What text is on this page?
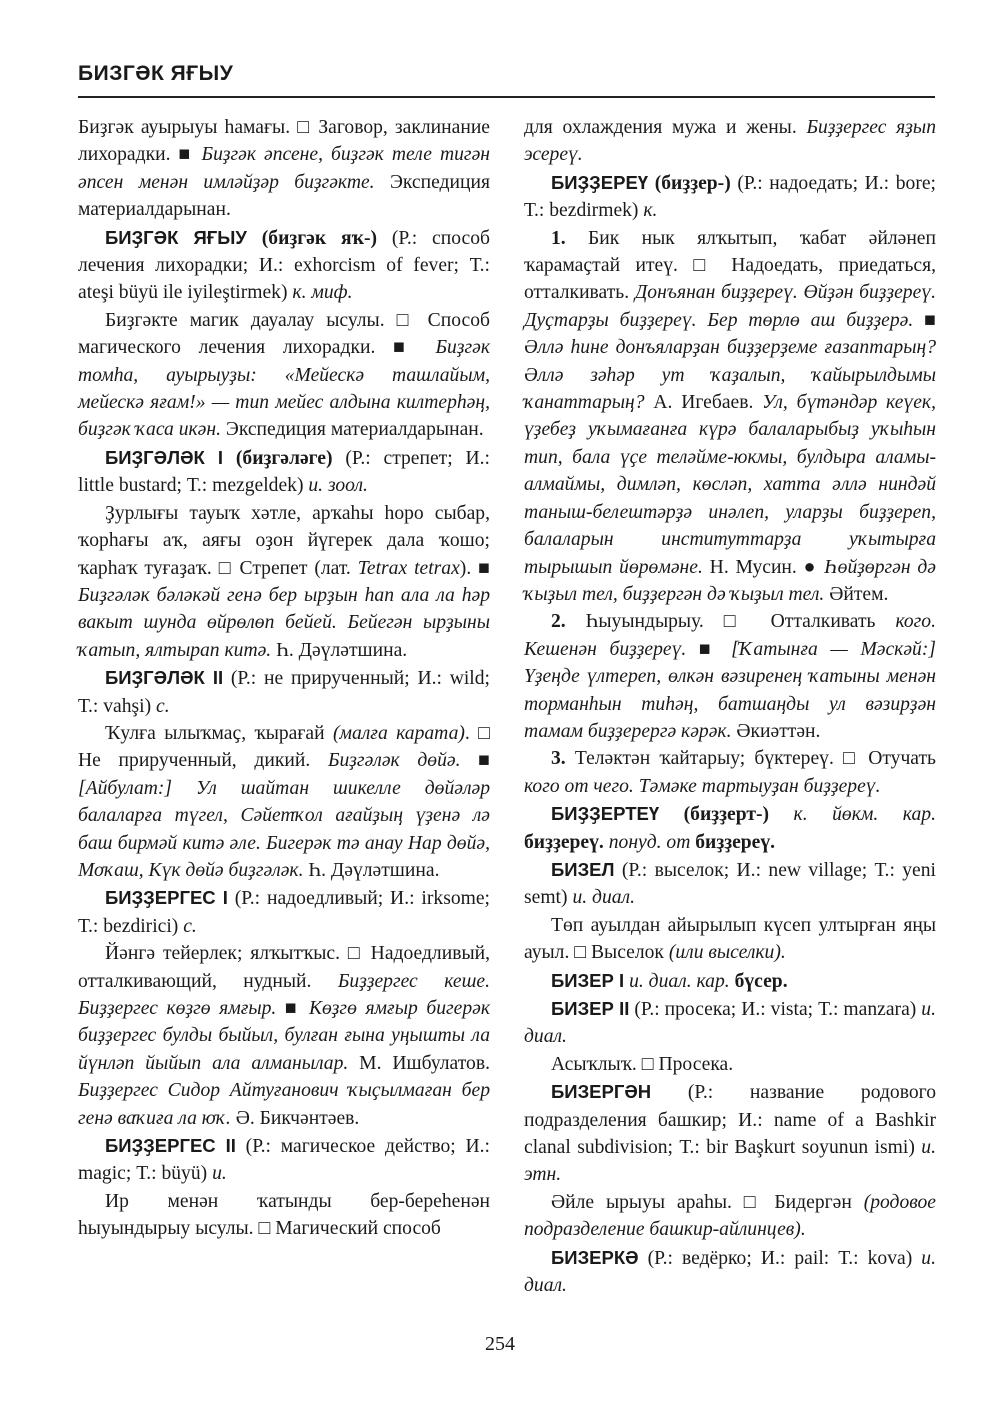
БИЗГӘК ЯҒЫУ

Биҙгәк ауырыуы һамағы. □ Заговор, заклинание лихорадки. ■ Биҙгәк әпсене, биҙгәк теле тигән әпсен менән имләйҙәр биҙгәкте. Экспедиция материалдарынан.

БИҘГӘК ЯҒЫУ (биҙгәк яҡ-) (Р.: способ лечения лихорадки; И.: exhorcism of fever; Т.: ateşi büyü ile iyileştirmek) к. миф.

Биҙгәкте магик дауалау ысулы. □ Способ магического лечения лихорадки. ■ Биҙгәк томһа, ауырыуҙы: «Мейескә ташлайым, мейескә яғам!» — тип мейес алдына килтерһәң, биҙгәк ҡаса икән. Экспедиция материалдарынан.

БИҘГӘЛӘК I (биҙгәләге) (Р.: стрепет; И.: little bustard; Т.: mezgeldek) и. зоол.

Ҙурлығы тауыҡ хәтле, арҡаһы һоро сыбар, ҡорһағы аҡ, аяғы оҙон йүгерек дала ҡошо; ҡарһаҡ туғаҙаҡ. □ Стрепет (лат. Tetrax tetrax). ■ Биҙгәләк бәләкәй генә бер ырҙын һап ала ла һәр вакыт шунда өйрөлөп бейей. Бейегән ырҙыны ҡатып, ялтырап китә. Һ. Дәүләтшина.

БИҘГӘЛӘК II (Р.: не прирученный; И.: wild; Т.: vahşi) с.

Ҡулға ылыҡмаҫ, ҡырағай (малға карата). □ Не прирученный, дикий. Биҙгәләк дөйә. ■ [Айбулат:] Ул шайтан шикелле дөйәләр балаларға түгел, Сәйетҡол ағайҙың үҙенә лә баш бирмәй китә әле. Бигерәк тә анау Нар дөйә, Моҡаш, Күк дөйә биҙгәләк. Һ. Дәүләтшина.

БИҘҘЕРГЕС I (Р.: надоедливый; И.: irksome; Т.: bezdirici) с.

Йәнгә тейерлек; ялҡытҡыс. □ Надоедливый, отталкивающий, нудный. Биҙҙергес кеше. Биҙҙергес көҙгө ямғыр. ■ Көҙгө ямғыр бигерәк биҙҙергес булды быйыл, булған ғына уңышты ла йүнләп йыйып ала алманылар. М. Ишбулатов. Биҙҙергес Сидор Айтуғанович ҡыҫылмаған бер генә ваҡиға ла юҡ. Ә. Бикчәнтәев.

БИҘҘЕРГЕС II (Р.: магическое действо; И.: magic; Т.: büyü) и.

Ир менән ҡатынды бер-береһенән һыуындырыу ысулы. □ Магический способ

для охлаждения мужа и жены. Биҙҙергес яҙып эсереү.

БИҘҘЕРЕҮ (биҙҙер-) (Р.: надоедать; И.: bore; Т.: bezdirmek) к.

1. Бик нык ялҡытып, ҡабат әйләнеп ҡарамаҫтай итеү. □ Надоедать, приедаться, отталкивать. Донъянан биҙҙереү. Өйҙән биҙҙереү. Дуҫтарҙы биҙҙереү. Бер төрлө аш биҙҙерә. ■ Әллә һине донъяларҙан биҙҙерҙеме ғазаптарың? Әллә зәһәр ут ҡаҙалып, ҡайырылдымы ҡанаттарың? А. Игебаев. Ул, бүтәндәр кеүек, үҙебеҙ уҡымағанға күрә балаларыбыҙ уҡыһын тип, бала үҫе теләйме-юкмы, булдыра аламы-алмаймы, димләп, көсләп, хатта әллә ниндәй таныш-белештәрҙә инәлеп, уларҙы биҙҙереп, балаларын институттарҙа уҡытырға тырышып йөрөмәне. Н. Мусин. ● Һөйҙөргән дә ҡыҙыл тел, биҙҙергән дә ҡыҙыл тел. Әйтем.

2. Һыуындырыу. □ Отталкивать кого. Кешенән биҙҙереү. ■ [Ҡатынға — Мәскәй:] Үҙеңде үлтереп, өлкән вәзиренең ҡатыны менән торманһын тиһәң, батшаңды ул вәзирҙән тамам биҙҙерергә кәрәк. Әкиәттән.

3. Теләктән ҡайтарыу; бүктереү. □ Отучать кого от чего. Тәмәке тартыуҙан биҙҙереү.

БИҘҘЕРТЕҮ (биҙҙерт-) к. йөкм. кар. биҙҙереү. понуд. от биҙҙереү.

БИЗЕЛ (Р.: выселок; И.: new village; Т.: yeni semt) и. диал.

Төп ауылдан айырылып күсеп ултырған яңы ауыл. □ Выселок (или выселки).

БИЗЕР I и. диал. кар. бүсер.

БИЗЕР II (Р.: просека; И.: vista; Т.: manzara) и. диал.

Асыҡлыҡ. □ Просека.

БИЗЕРГӘН (Р.: название родового подразделения башкир; И.: name of a Bashkir clanal subdivision; Т.: bir Başkurt soyunun ismi) и. этн.

Әйле ырыуы араһы. □ Бидергән (родовое подразделение башкир-айлинцев).

БИЗЕРКӘ (Р.: ведёрко; И.: pail: Т.: kova) и. диал.

254
